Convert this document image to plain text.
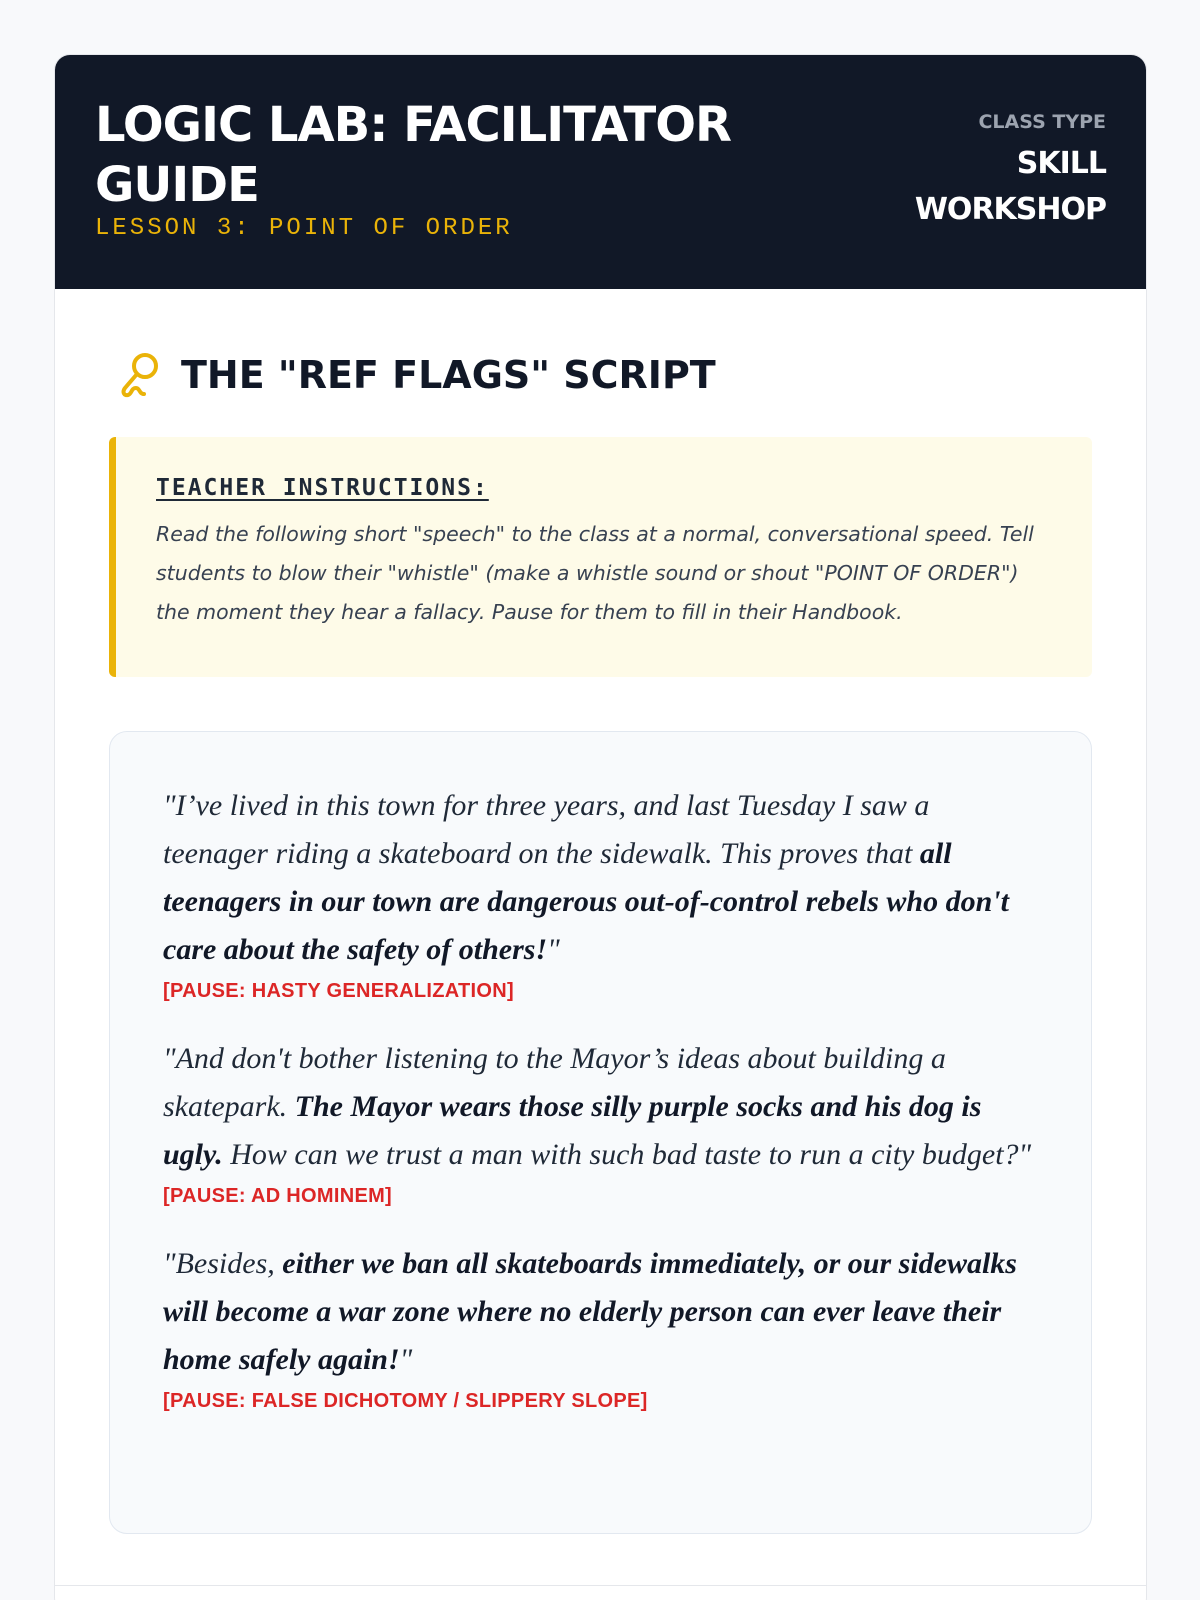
LOGIC LAB: FACILITATOR GUIDE
LESSON 3: POINT OF ORDER
CLASS TYPE
SKILL WORKSHOP
THE "REF FLAGS" SCRIPT
TEACHER INSTRUCTIONS:
Read the following short "speech" to the class at a normal, conversational speed. Tell students to blow their "whistle" (make a whistle sound or shout "POINT OF ORDER") the moment they hear a fallacy. Pause for them to fill in their Handbook.
"I’ve lived in this town for three years, and last Tuesday I saw a teenager riding a skateboard on the sidewalk. This proves that all teenagers in our town are dangerous out-of-control rebels who don't care about the safety of others!"
[PAUSE: HASTY GENERALIZATION]
"And don't bother listening to the Mayor’s ideas about building a skatepark. The Mayor wears those silly purple socks and his dog is ugly. How can we trust a man with such bad taste to run a city budget?"
[PAUSE: AD HOMINEM]
"Besides, either we ban all skateboards immediately, or our sidewalks will become a war zone where no elderly person can ever leave their home safely again!"
[PAUSE: FALSE DICHOTOMY / SLIPPERY SLOPE]
